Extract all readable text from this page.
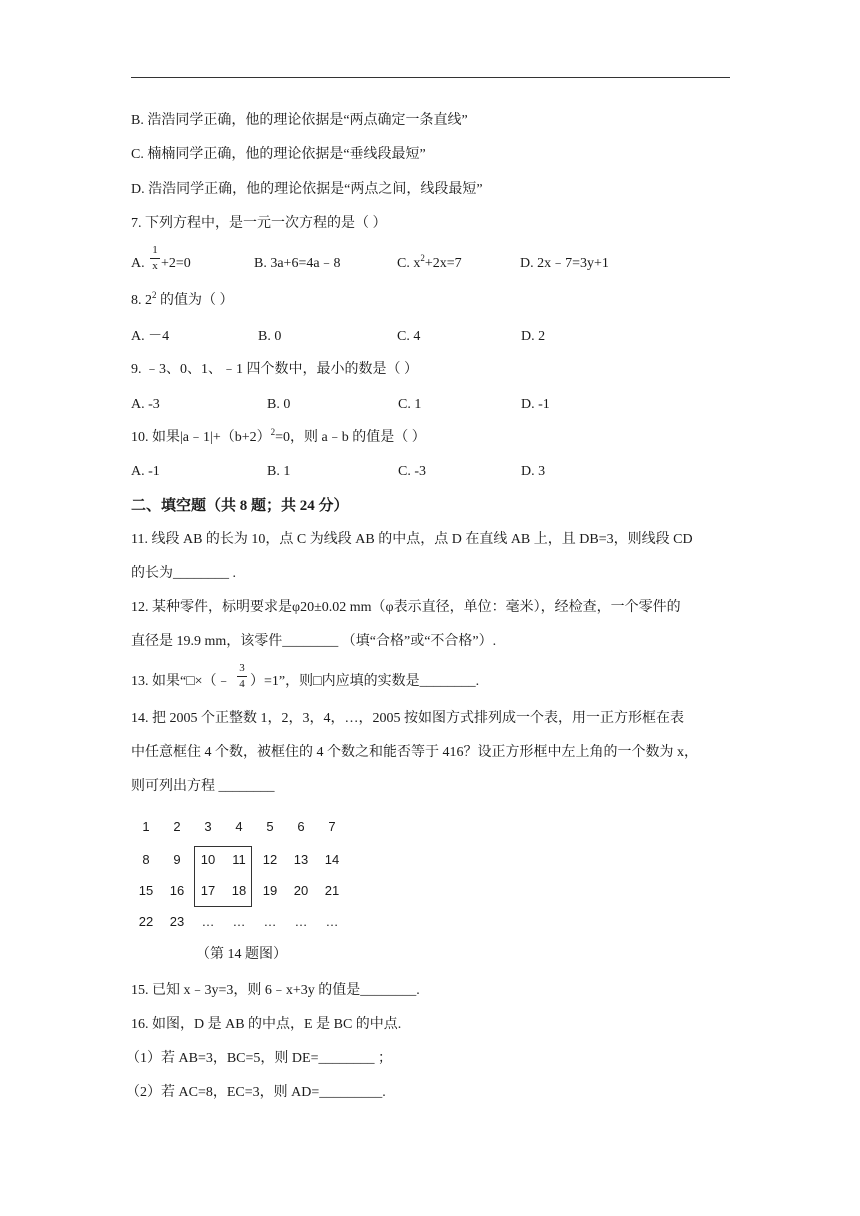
B. 浩浩同学正确，他的理论依据是“两点确定一条直线”
C. 楠楠同学正确，他的理论依据是“垂线段最短”
D. 浩浩同学正确，他的理论依据是“两点之间，线段最短”
7. 下列方程中，是一元一次方程的是（ ）
A.
1
x +2=0	B. 3a+6=4a﹣8	C. $x^2+2x=7$	D. 2x﹣7=3y+1
8. $2^2$ 的值为（ ）
A. －4	B. 0	C. 4	D. 2
9. ﹣3、0、1、﹣1 四个数中，最小的数是（ ）
A. -3	B. 0	C. 1	D. -1
10. 如果$|a﹣1|+(b+2)^2=0$，则 a﹣b 的值是（ ）
A. -1	B. 1	C. -3	D. 3
二、填空题（共 8 题；共 24 分）
11. 线段 AB 的长为 10，点 C 为线段 AB 的中点，点 D 在直线 AB 上，且 DB=3，则线段 CD
的长为________ .
12. 某种零件，标明要求是φ20±0.02 mm（φ表示直径，单位：毫米），经检查，一个零件的
直径是 19.9 mm，该零件________ （填“合格”或“不合格”）.
13. 如果“□×（﹣
3
4 ）=1”，则□内应填的实数是________.
14. 把 2005 个正整数 1，2，3，4，…，2005 按如图方式排列成一个表，用一正方形框在表
中任意框住 4 个数，被框住的 4 个数之和能否等于 416？设正方形框中左上角的一个数为 x，
则可列出方程 ________
1	2	3	4	5	6	7
8	9	10	11	12	13	14
15	16	17	18	19	20	21
22	23	…	…	…	…	…
（第 14 题图）
15. 已知 x﹣3y=3，则 6﹣x+3y 的值是________.
16. 如图，D 是 AB 的中点，E 是 BC 的中点.
（1）若 AB=3，BC=5，则 DE=________ ；
（2）若 AC=8，EC=3，则 AD=_________.
